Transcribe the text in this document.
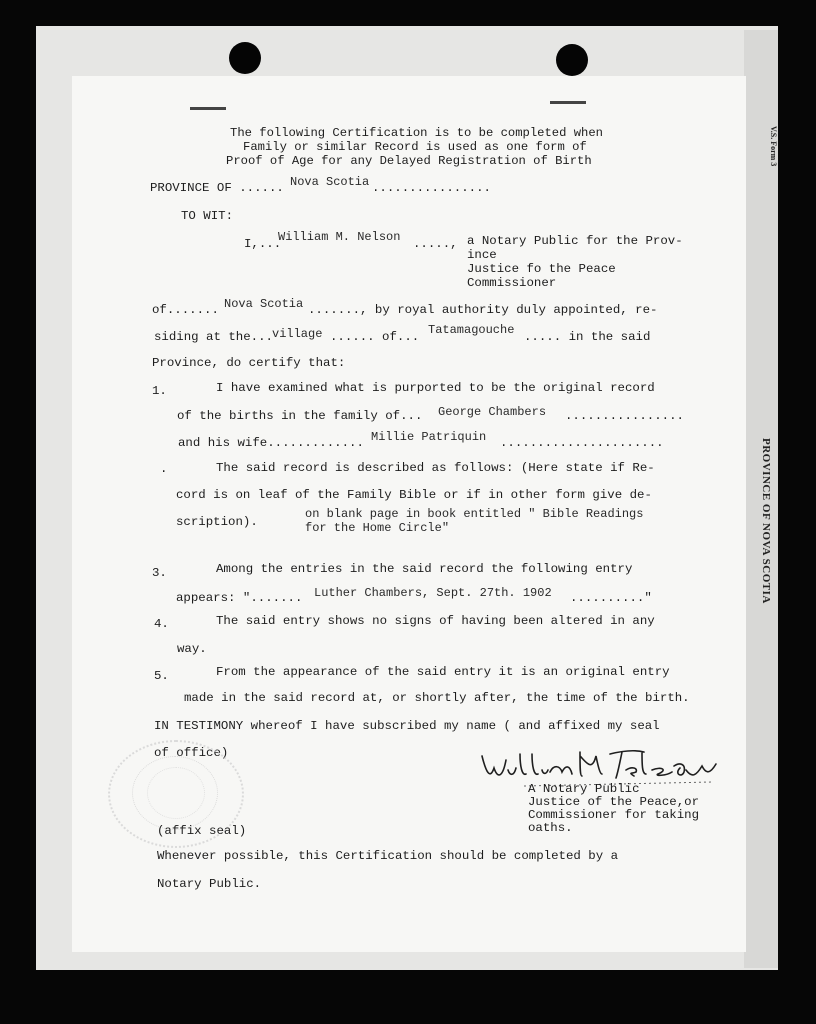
V.S. Form 3
PROVINCE OF NOVA SCOTIA
The following Certification is to be completed when
Family or similar Record is used as one form of
Proof of Age for any Delayed Registration of Birth
PROVINCE OF ...... Nova Scotia ................
TO WIT:
I,...
William M. Nelson ....., a Notary Public for the Prov-
ince
Justice fo the Peace
Commissioner
of....... Nova Scotia ......., by royal authority duly appointed, re-
siding at the... village ...... of... Tatamagouche ..... in the said
Province, do certify that:
1.	I have examined what is purported to be the original record
of the births in the family of... George Chambers ................
and his wife............. Millie Patriquin ......................
.	The said record is described as follows: (Here state if Re-
cord is on leaf of the Family Bible or if in other form give de-
scription).
on blank page in book entitled " Bible Readings
for the Home Circle"
3.	Among the entries in the said record the following entry
appears: "....... Luther Chambers, Sept. 27th. 1902 .........."
4.	The said entry shows no signs of having been altered in any
way.
5.	From the appearance of the said entry it is an original entry
made in the said record at, or shortly after, the time of the birth.
IN TESTIMONY whereof I have subscribed my name ( and affixed my seal
of office)
A Notary Public
Justice of the Peace,or
Commissioner for taking
oaths.
(affix seal)
Whenever possible, this Certification should be completed by a
Notary Public.
